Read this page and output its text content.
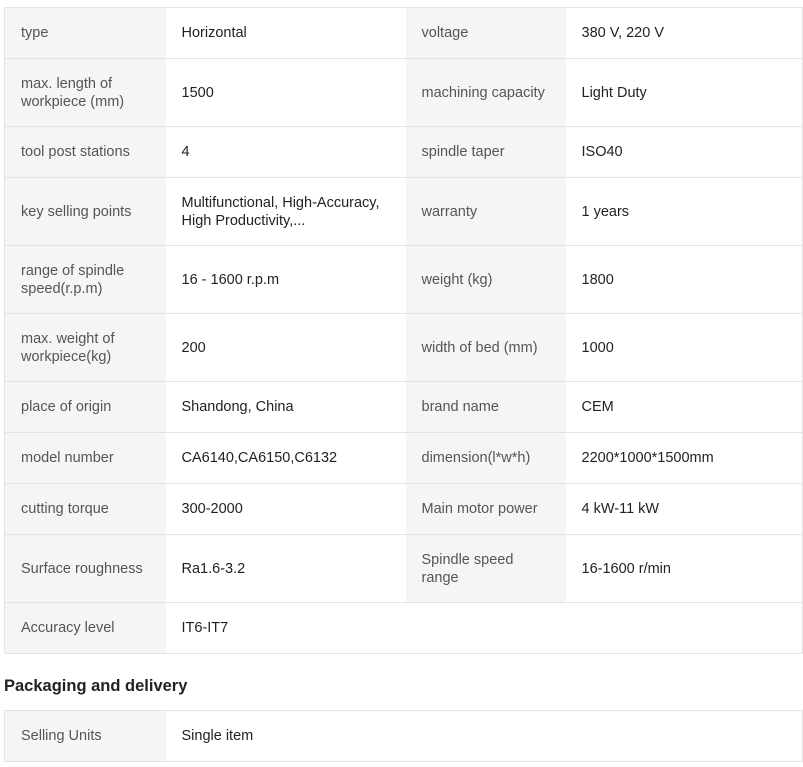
type	Horizontal	voltage	380 V, 220 V
max. length of workpiece (mm)	1500	machining capacity	Light Duty
tool post stations	4	spindle taper	ISO40
key selling points	Multifunctional, High-Accuracy, High Productivity,...	warranty	1 years
range of spindle speed(r.p.m)	16 - 1600 r.p.m	weight (kg)	1800
max. weight of workpiece(kg)	200	width of bed (mm)	1000
place of origin	Shandong, China	brand name	CEM
model number	CA6140,CA6150,C6132	dimension(l*w*h)	2200*1000*1500mm
cutting torque	300-2000	Main motor power	4 kW-11 kW
Surface roughness	Ra1.6-3.2	Spindle speed range	16-1600 r/min
Accuracy level	IT6-IT7		
Packaging and delivery
Selling Units	Single item
